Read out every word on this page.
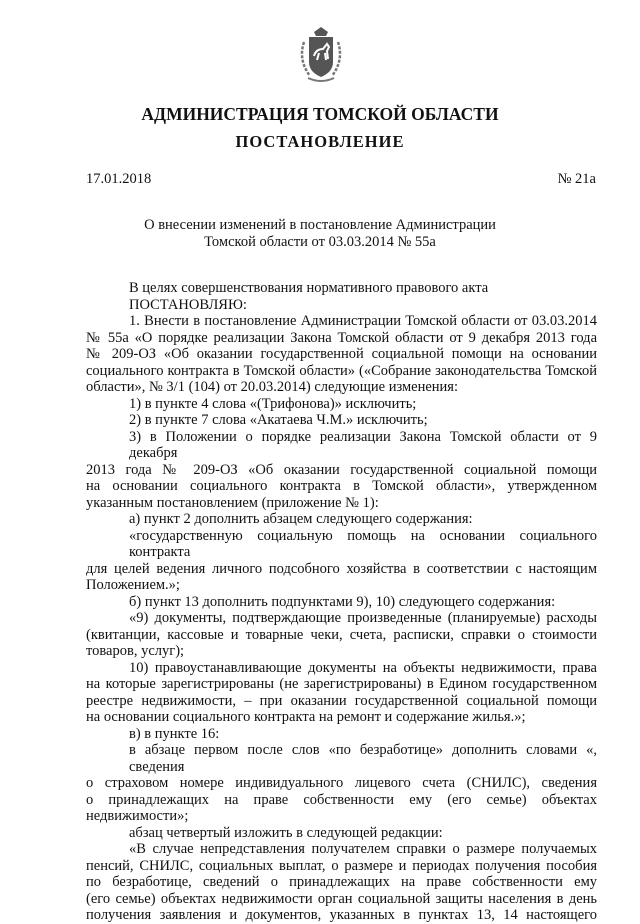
АДМИНИСТРАЦИЯ ТОМСКОЙ ОБЛАСТИ
ПОСТАНОВЛЕНИЕ
17.01.2018	№ 21а
О внесении изменений в постановление Администрации
Томской области от 03.03.2014 № 55а
В целях совершенствования нормативного правового акта
ПОСТАНОВЛЯЮ:
1. Внести в постановление Администрации Томской области от 03.03.2014
№ 55а «О порядке реализации Закона Томской области от 9 декабря 2013 года
№ 209-ОЗ «Об оказании государственной социальной помощи на основании
социального контракта в Томской области» («Собрание законодательства Томской
области», № 3/1 (104) от 20.03.2014) следующие изменения:
1) в пункте 4 слова «(Трифонова)» исключить;
2) в пункте 7 слова «Акатаева Ч.М.» исключить;
3) в Положении о порядке реализации Закона Томской области от 9 декабря
2013 года № 209-ОЗ «Об оказании государственной социальной помощи
на основании социального контракта в Томской области», утвержденном
указанным постановлением (приложение № 1):
а) пункт 2 дополнить абзацем следующего содержания:
«государственную социальную помощь на основании социального контракта
для целей ведения личного подсобного хозяйства в соответствии с настоящим
Положением.»;
б) пункт 13 дополнить подпунктами 9), 10) следующего содержания:
«9) документы, подтверждающие произведенные (планируемые) расходы
(квитанции, кассовые и товарные чеки, счета, расписки, справки о стоимости
товаров, услуг);
10) правоустанавливающие документы на объекты недвижимости, права
на которые зарегистрированы (не зарегистрированы) в Едином государственном
реестре недвижимости, – при оказании государственной социальной помощи
на основании социального контракта на ремонт и содержание жилья.»;
в) в пункте 16:
в абзаце первом после слов «по безработице» дополнить словами «, сведения
о страховом номере индивидуального лицевого счета (СНИЛС), сведения
о принадлежащих на праве собственности ему (его семье) объектах
недвижимости»;
абзац четвертый изложить в следующей редакции:
«В случае непредставления получателем справки о размере получаемых
пенсий, СНИЛС, социальных выплат, о размере и периодах получения пособия
по безработице, сведений о принадлежащих на праве собственности ему
(его семье) объектах недвижимости орган социальной защиты населения в день
получения заявления и документов, указанных в пунктах 13, 14 настоящего
